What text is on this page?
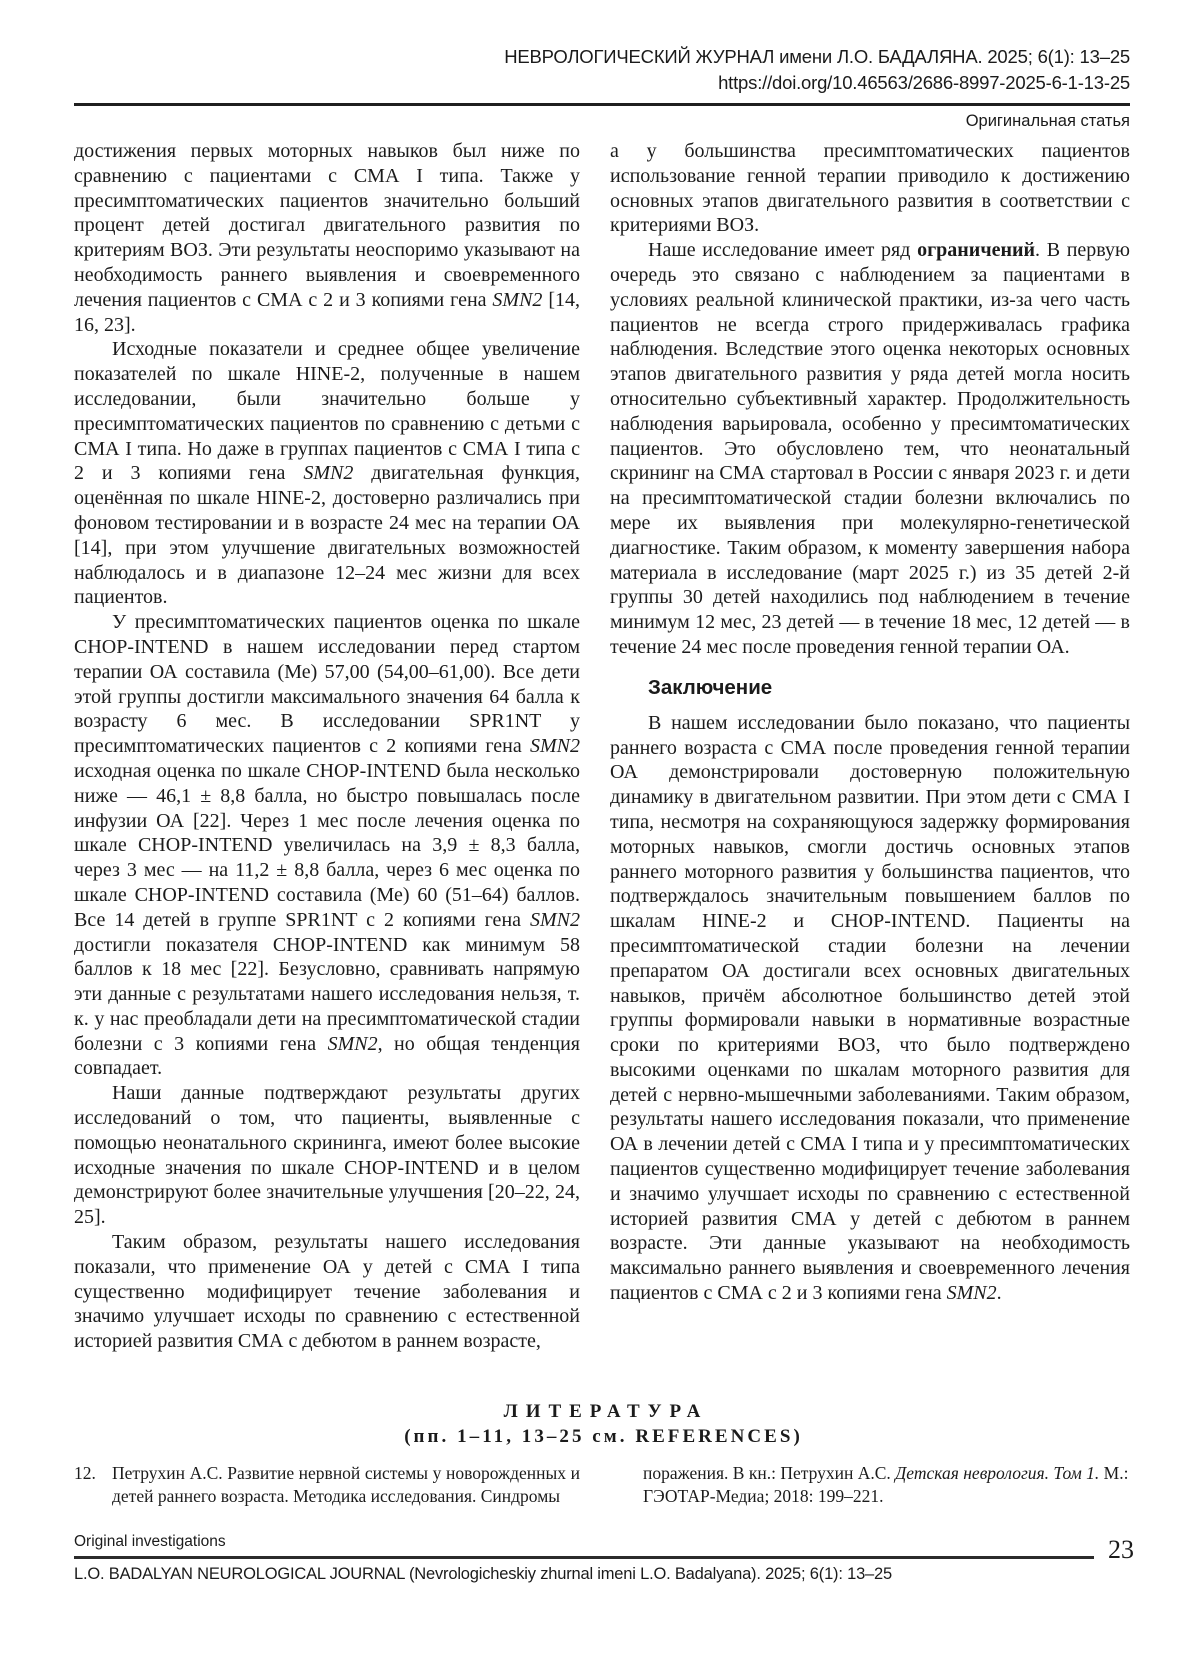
НЕВРОЛОГИЧЕСКИЙ ЖУРНАЛ имени Л.О. БАДАЛЯНА. 2025; 6(1): 13–25
https://doi.org/10.46563/2686-8997-2025-6-1-13-25
Оригинальная статья

достижения первых моторных навыков был ниже по сравнению с пациентами с СМА I типа. Также у пресимптоматических пациентов значительно больший процент детей достигал двигательного развития по критериям ВОЗ. Эти результаты неоспоримо указывают на необходимость раннего выявления и своевременного лечения пациентов с СМА с 2 и 3 копиями гена SMN2 [14, 16, 23].

Исходные показатели и среднее общее увеличение показателей по шкале HINE-2, полученные в нашем исследовании, были значительно больше у пресимптоматических пациентов по сравнению с детьми с СМА I типа. Но даже в группах пациентов с СМА I типа с 2 и 3 копиями гена SMN2 двигательная функция, оценённая по шкале HINE-2, достоверно различались при фоновом тестировании и в возрасте 24 мес на терапии ОА [14], при этом улучшение двигательных возможностей наблюдалось и в диапазоне 12–24 мес жизни для всех пациентов.

У пресимптоматических пациентов оценка по шкале CHOP-INTEND в нашем исследовании перед стартом терапии ОА составила (Ме) 57,00 (54,00–61,00). Все дети этой группы достигли максимального значения 64 балла к возрасту 6 мес. В исследовании SPR1NT у пресимптоматических пациентов с 2 копиями гена SMN2 исходная оценка по шкале CHOP-INTEND была несколько ниже — 46,1 ± 8,8 балла, но быстро повышалась после инфузии ОА [22]. Через 1 мес после лечения оценка по шкале CHOP-INTEND увеличилась на 3,9 ± 8,3 балла, через 3 мес — на 11,2 ± 8,8 балла, через 6 мес оценка по шкале CHOP-INTEND составила (Ме) 60 (51–64) баллов. Все 14 детей в группе SPR1NT с 2 копиями гена SMN2 достигли показателя CHOP-INTEND как минимум 58 баллов к 18 мес [22]. Безусловно, сравнивать напрямую эти данные с результатами нашего исследования нельзя, т. к. у нас преобладали дети на пресимптоматической стадии болезни с 3 копиями гена SMN2, но общая тенденция совпадает.

Наши данные подтверждают результаты других исследований о том, что пациенты, выявленные с помощью неонатального скрининга, имеют более высокие исходные значения по шкале CHOP-INTEND и в целом демонстрируют более значительные улучшения [20–22, 24, 25].

Таким образом, результаты нашего исследования показали, что применение ОА у детей с СМА I типа существенно модифицирует течение заболевания и значимо улучшает исходы по сравнению с естественной историей развития СМА с дебютом в раннем возрасте,

а у большинства пресимптоматических пациентов использование генной терапии приводило к достижению основных этапов двигательного развития в соответствии с критериями ВОЗ.

Наше исследование имеет ряд ограничений. В первую очередь это связано с наблюдением за пациентами в условиях реальной клинической практики, из-за чего часть пациентов не всегда строго придерживалась графика наблюдения. Вследствие этого оценка некоторых основных этапов двигательного развития у ряда детей могла носить относительно субъективный характер. Продолжительность наблюдения варьировала, особенно у пресимтоматических пациентов. Это обусловлено тем, что неонатальный скрининг на СМА стартовал в России с января 2023 г. и дети на пресимптоматической стадии болезни включались по мере их выявления при молекулярно-генетической диагностике. Таким образом, к моменту завершения набора материала в исследование (март 2025 г.) из 35 детей 2-й группы 30 детей находились под наблюдением в течение минимум 12 мес, 23 детей — в течение 18 мес, 12 детей — в течение 24 мес после проведения генной терапии ОА.

Заключение

В нашем исследовании было показано, что пациенты раннего возраста с СМА после проведения генной терапии ОА демонстрировали достоверную положительную динамику в двигательном развитии. При этом дети с СМА I типа, несмотря на сохраняющуюся задержку формирования моторных навыков, смогли достичь основных этапов раннего моторного развития у большинства пациентов, что подтверждалось значительным повышением баллов по шкалам HINE-2 и CHOP-INTEND. Пациенты на пресимптоматической стадии болезни на лечении препаратом ОА достигали всех основных двигательных навыков, причём абсолютное большинство детей этой группы формировали навыки в нормативные возрастные сроки по критериями ВОЗ, что было подтверждено высокими оценками по шкалам моторного развития для детей с нервно-мышечными заболеваниями. Таким образом, результаты нашего исследования показали, что применение ОА в лечении детей с СМА I типа и у пресимптоматических пациентов существенно модифицирует течение заболевания и значимо улучшает исходы по сравнению с естественной историей развития СМА у детей с дебютом в раннем возрасте. Эти данные указывают на необходимость максимально раннего выявления и своевременного лечения пациентов с СМА с 2 и 3 копиями гена SMN2.

ЛИТЕРАТУРА
(пп. 1–11, 13–25 см. REFERENCES)
12. Петрухин А.С. Развитие нервной системы у новорожденных и детей раннего возраста. Методика исследования. Синдромы
поражения. В кн.: Петрухин А.С. Детская неврология. Том 1. М.: ГЭОТАР-Медиа; 2018: 199–221.
Original investigations	23
L.O. BADALYAN NEUROLOGICAL JOURNAL (Nevrologicheskiy zhurnal imeni L.O. Badalyana). 2025; 6(1): 13–25
